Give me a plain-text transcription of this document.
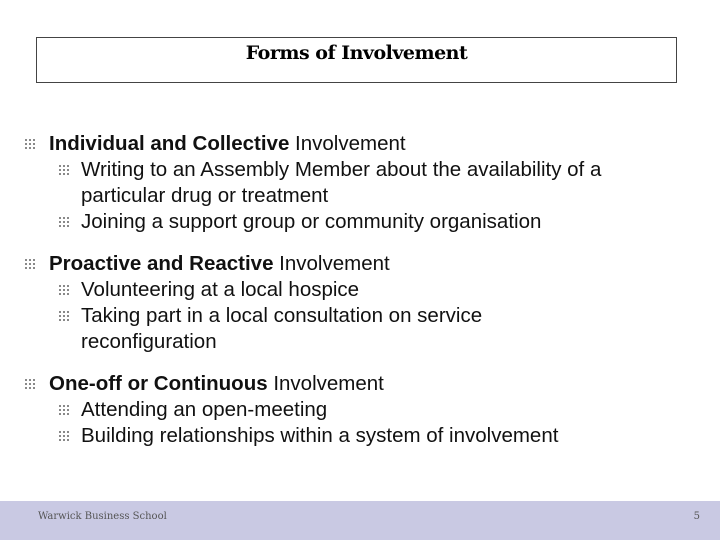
Forms of Involvement
Individual and Collective Involvement
Writing to an Assembly Member about the availability of a
particular drug or treatment
Joining a support group or community organisation
Proactive and Reactive Involvement
Volunteering at a local hospice
Taking part in a local consultation on service
reconfiguration
One-off or Continuous Involvement
Attending an open-meeting
Building relationships within a system of involvement
Warwick Business School	5
